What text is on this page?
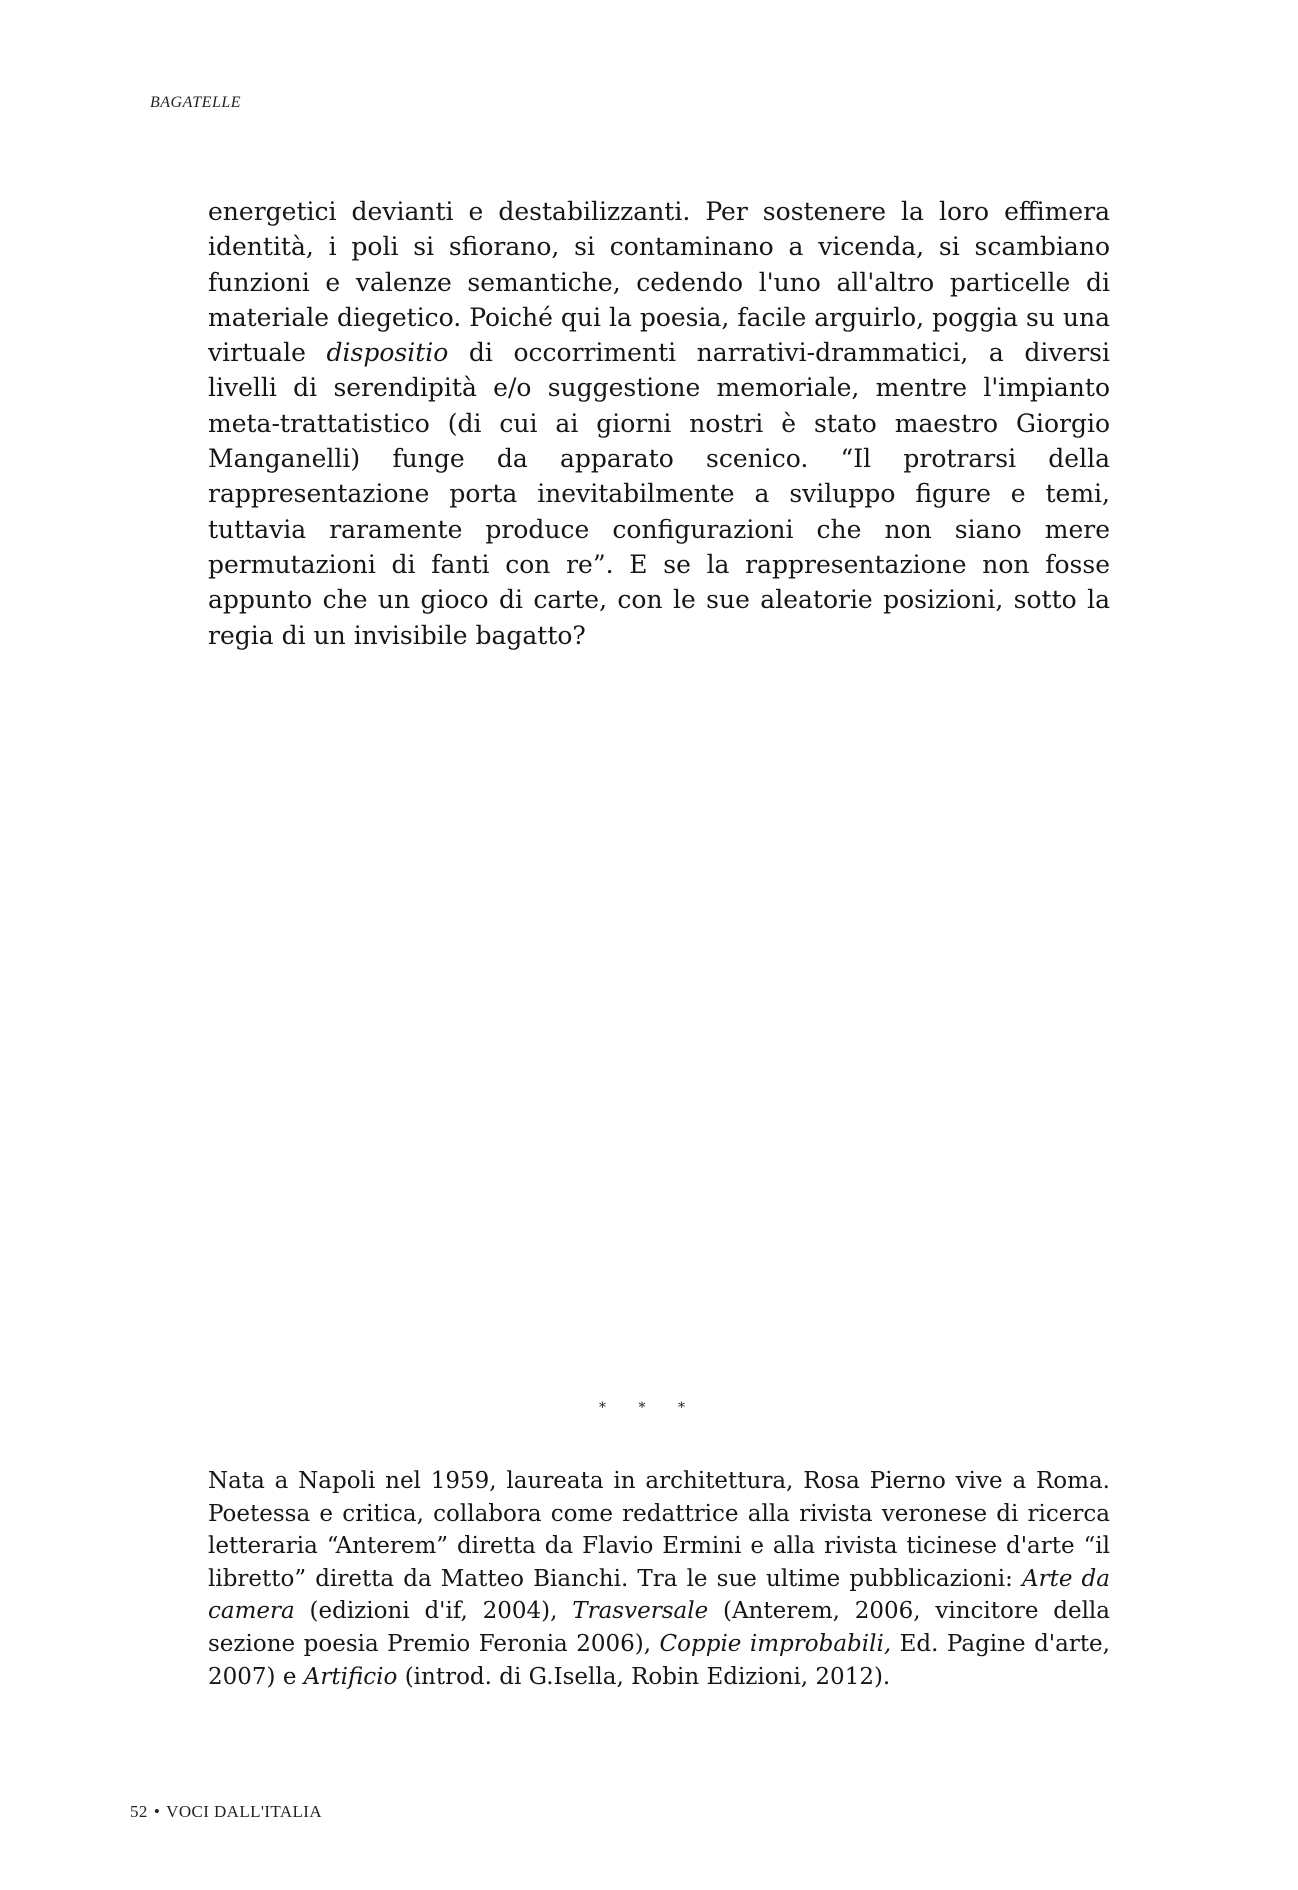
BAGATELLE

energetici devianti e destabilizzanti. Per sostenere la loro effimera identità, i poli si sfiorano, si contaminano a vicenda, si scambiano funzioni e valenze semantiche, cedendo l'uno all'altro particelle di materiale diegetico. Poiché qui la poesia, facile arguirlo, poggia su una virtuale dispositio di occorrimenti narrativi-drammatici, a diversi livelli di serendipità e/o suggestione memoriale, mentre l'impianto meta-trattatistico (di cui ai giorni nostri è stato maestro Giorgio Manganelli) funge da apparato scenico. “Il protrarsi della rappresentazione porta inevitabilmente a sviluppo figure e temi, tuttavia raramente produce configurazioni che non siano mere permutazioni di fanti con re”. E se la rappresentazione non fosse appunto che un gioco di carte, con le sue aleatorie posizioni, sotto la regia di un invisibile bagatto?

* * *

Nata a Napoli nel 1959, laureata in architettura, Rosa Pierno vive a Roma. Poetessa e critica, collabora come redattrice alla rivista veronese di ricerca letteraria “Anterem” diretta da Flavio Ermini e alla rivista ticinese d'arte “il libretto” diretta da Matteo Bianchi. Tra le sue ultime pubblicazioni: Arte da camera (edizioni d'if, 2004), Trasversale (Anterem, 2006, vincitore della sezione poesia Premio Feronia 2006), Coppie improbabili, Ed. Pagine d'arte, 2007) e Artificio (introd. di G.Isella, Robin Edizioni, 2012).

52 • VOCI DALL'ITALIA
